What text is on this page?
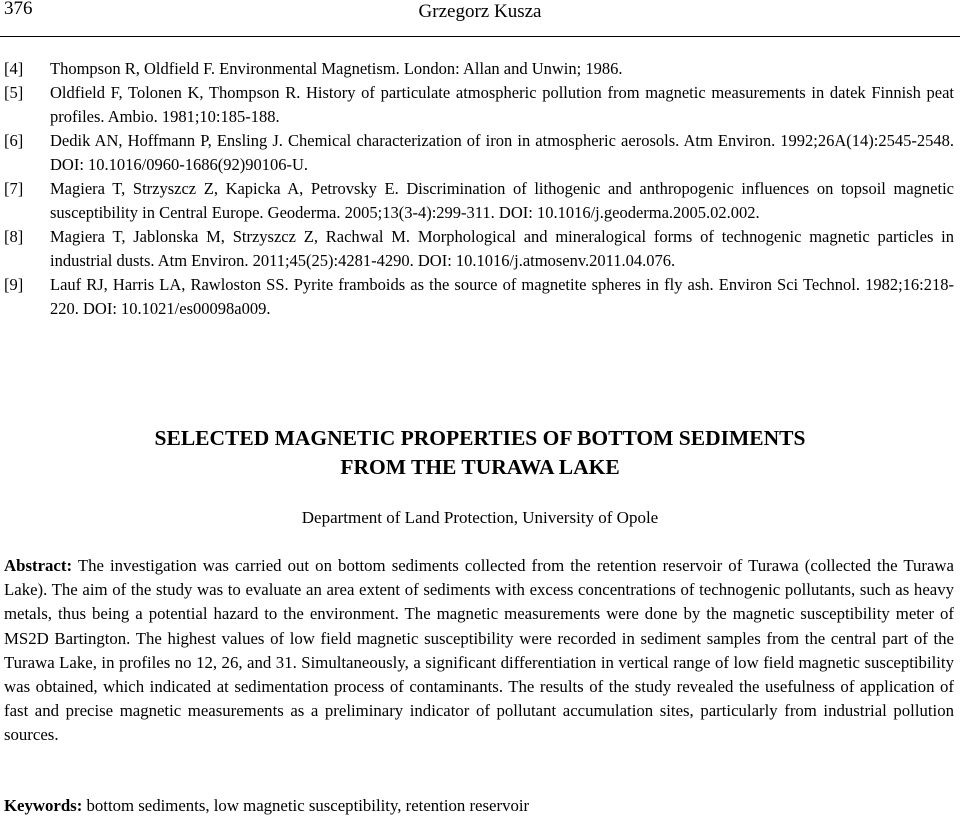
376	Grzegorz Kusza
[4]	Thompson R, Oldfield F. Environmental Magnetism. London: Allan and Unwin; 1986.
[5]	Oldfield F, Tolonen K, Thompson R. History of particulate atmospheric pollution from magnetic measurements in datek Finnish peat profiles. Ambio. 1981;10:185-188.
[6]	Dedik AN, Hoffmann P, Ensling J. Chemical characterization of iron in atmospheric aerosols. Atm Environ. 1992;26A(14):2545-2548. DOI: 10.1016/0960-1686(92)90106-U.
[7]	Magiera T, Strzyszcz Z, Kapicka A, Petrovsky E. Discrimination of lithogenic and anthropogenic influences on topsoil magnetic susceptibility in Central Europe. Geoderma. 2005;13(3-4):299-311. DOI: 10.1016/j.geoderma.2005.02.002.
[8]	Magiera T, Jablonska M, Strzyszcz Z, Rachwal M. Morphological and mineralogical forms of technogenic magnetic particles in industrial dusts. Atm Environ. 2011;45(25):4281-4290. DOI: 10.1016/j.atmosenv.2011.04.076.
[9]	Lauf RJ, Harris LA, Rawloston SS. Pyrite framboids as the source of magnetite spheres in fly ash. Environ Sci Technol. 1982;16:218-220. DOI: 10.1021/es00098a009.
SELECTED MAGNETIC PROPERTIES OF BOTTOM SEDIMENTS
FROM THE TURAWA LAKE
Department of Land Protection, University of Opole
Abstract: The investigation was carried out on bottom sediments collected from the retention reservoir of Turawa (collected the Turawa Lake). The aim of the study was to evaluate an area extent of sediments with excess concentrations of technogenic pollutants, such as heavy metals, thus being a potential hazard to the environment. The magnetic measurements were done by the magnetic susceptibility meter of MS2D Bartington. The highest values of low field magnetic susceptibility were recorded in sediment samples from the central part of the Turawa Lake, in profiles no 12, 26, and 31. Simultaneously, a significant differentiation in vertical range of low field magnetic susceptibility was obtained, which indicated at sedimentation process of contaminants. The results of the study revealed the usefulness of application of fast and precise magnetic measurements as a preliminary indicator of pollutant accumulation sites, particularly from industrial pollution sources.
Keywords: bottom sediments, low magnetic susceptibility, retention reservoir
